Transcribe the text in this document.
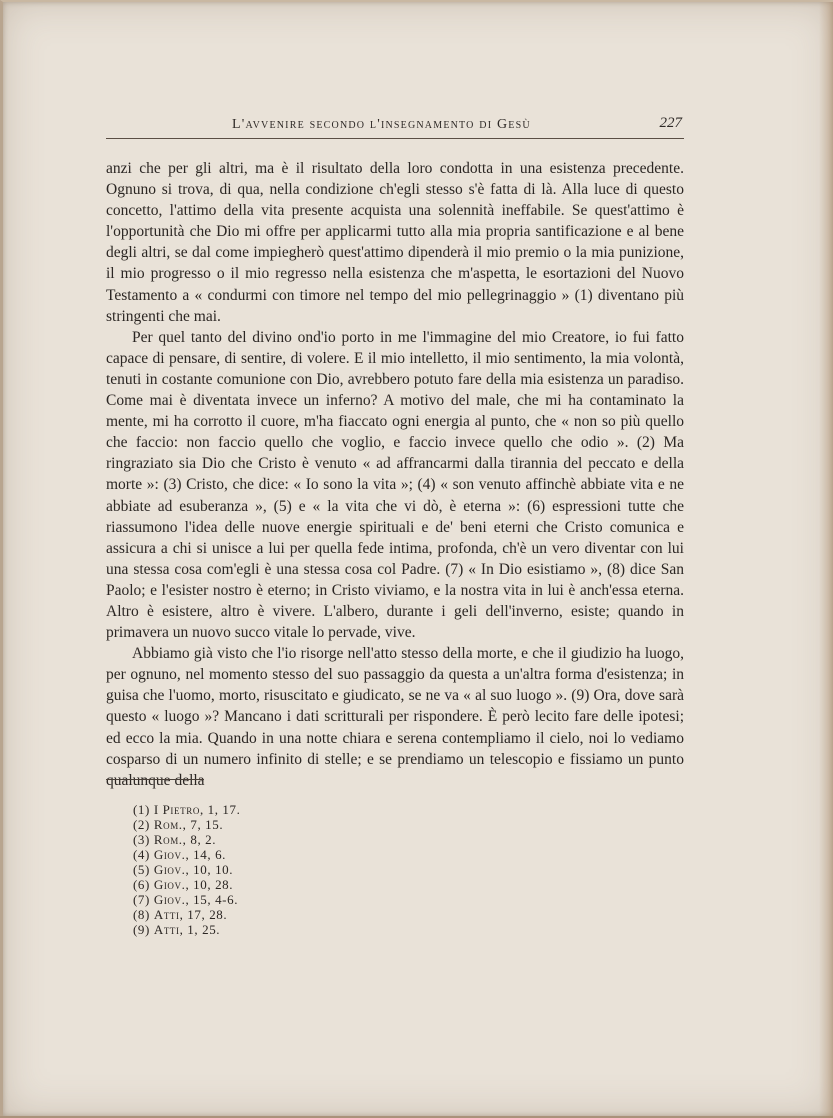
L'avvenire secondo l'insegnamento di Gesù	227

anzi che per gli altri, ma è il risultato della loro condotta in una esistenza precedente. Ognuno si trova, di qua, nella condizione ch'egli stesso s'è fatta di là. Alla luce di questo concetto, l'attimo della vita presente acquista una solennità ineffabile. Se quest'attimo è l'opportunità che Dio mi offre per applicarmi tutto alla mia propria santificazione e al bene degli altri, se dal come impiegherò quest'attimo dipenderà il mio premio o la mia punizione, il mio progresso o il mio regresso nella esistenza che m'aspetta, le esortazioni del Nuovo Testamento a « condurmi con timore nel tempo del mio pellegrinaggio » (1) diventano più stringenti che mai.

Per quel tanto del divino ond'io porto in me l'immagine del mio Creatore, io fui fatto capace di pensare, di sentire, di volere. E il mio intelletto, il mio sentimento, la mia volontà, tenuti in costante comunione con Dio, avrebbero potuto fare della mia esistenza un paradiso. Come mai è diventata invece un inferno? A motivo del male, che mi ha contaminato la mente, mi ha corrotto il cuore, m'ha fiaccato ogni energia al punto, che « non so più quello che faccio: non faccio quello che voglio, e faccio invece quello che odio ». (2) Ma ringraziato sia Dio che Cristo è venuto « ad affrancarmi dalla tirannia del peccato e della morte »: (3) Cristo, che dice: « Io sono la vita »; (4) « son venuto affinchè abbiate vita e ne abbiate ad esuberanza », (5) e « la vita che vi dò, è eterna »: (6) espressioni tutte che riassumono l'idea delle nuove energie spirituali e de' beni eterni che Cristo comunica e assicura a chi si unisce a lui per quella fede intima, profonda, ch'è un vero diventar con lui una stessa cosa com'egli è una stessa cosa col Padre. (7) « In Dio esistiamo », (8) dice San Paolo; e l'esister nostro è eterno; in Cristo viviamo, e la nostra vita in lui è anch'essa eterna. Altro è esistere, altro è vivere. L'albero, durante i geli dell'inverno, esiste; quando in primavera un nuovo succo vitale lo pervade, vive.

Abbiamo già visto che l'io risorge nell'atto stesso della morte, e che il giudizio ha luogo, per ognuno, nel momento stesso del suo passaggio da questa a un'altra forma d'esistenza; in guisa che l'uomo, morto, risuscitato e giudicato, se ne va « al suo luogo ». (9) Ora, dove sarà questo « luogo »? Mancano i dati scritturali per rispondere. È però lecito fare delle ipotesi; ed ecco la mia. Quando in una notte chiara e serena contempliamo il cielo, noi lo vediamo cosparso di un numero infinito di stelle; e se prendiamo un telescopio e fissiamo un punto qualunque della

(1) I Pietro, 1, 17.
(2) Rom., 7, 15.
(3) Rom., 8, 2.
(4) Giov., 14, 6.
(5) Giov., 10, 10.
(6) Giov., 10, 28.
(7) Giov., 15, 4-6.
(8) Atti, 17, 28.
(9) Atti, 1, 25.
